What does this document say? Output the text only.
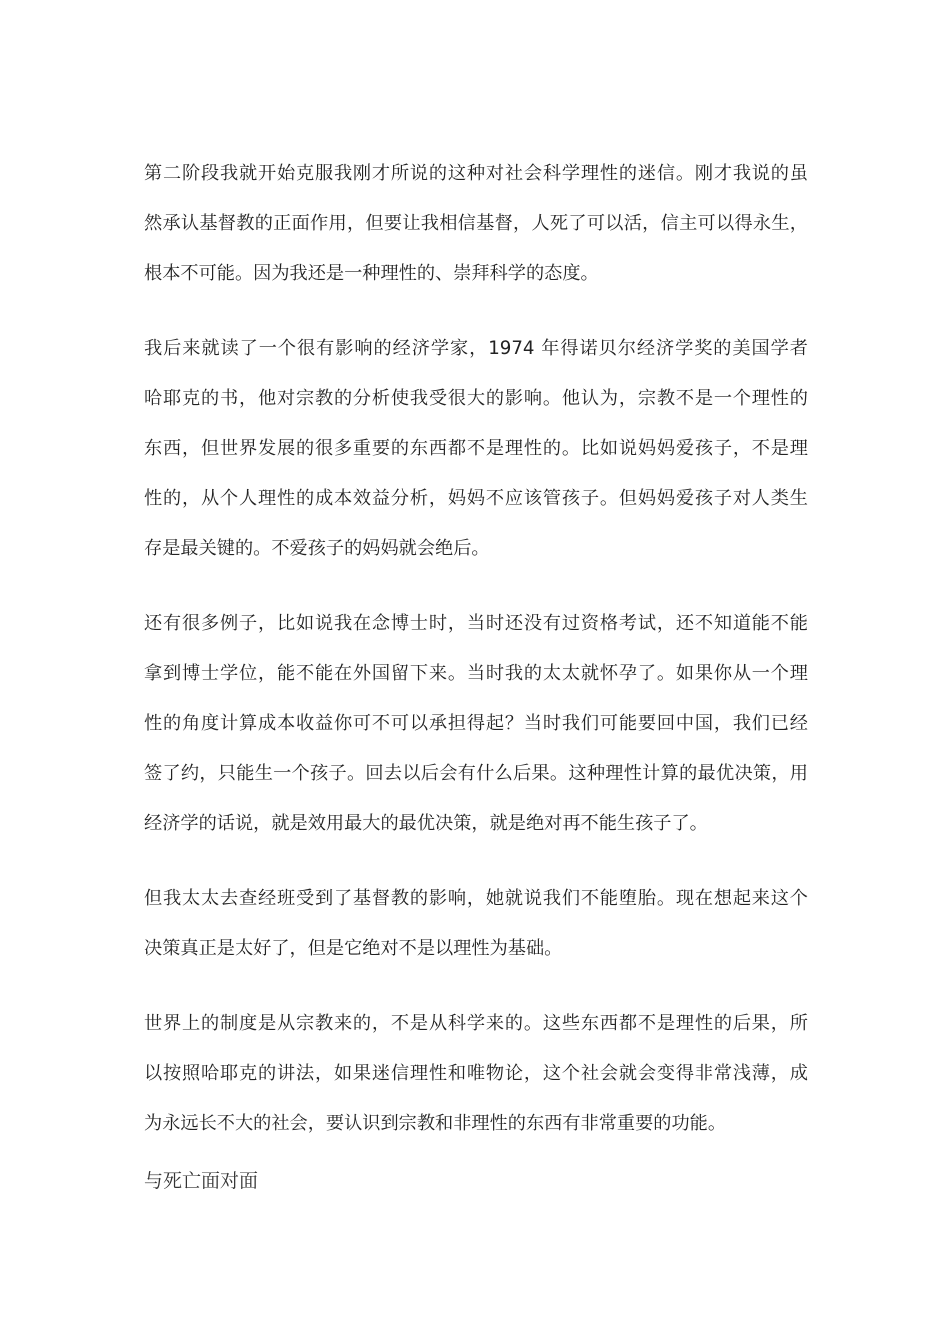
第二阶段我就开始克服我刚才所说的这种对社会科学理性的迷信。刚才我说的虽
然承认基督教的正面作用，但要让我相信基督，人死了可以活，信主可以得永生，
根本不可能。因为我还是一种理性的、崇拜科学的态度。
我后来就读了一个很有影响的经济学家，1974 年得诺贝尔经济学奖的美国学者
哈耶克的书，他对宗教的分析使我受很大的影响。他认为，宗教不是一个理性的
东西，但世界发展的很多重要的东西都不是理性的。比如说妈妈爱孩子，不是理
性的，从个人理性的成本效益分析，妈妈不应该管孩子。但妈妈爱孩子对人类生
存是最关键的。不爱孩子的妈妈就会绝后。
还有很多例子，比如说我在念博士时，当时还没有过资格考试，还不知道能不能
拿到博士学位，能不能在外国留下来。当时我的太太就怀孕了。如果你从一个理
性的角度计算成本收益你可不可以承担得起？当时我们可能要回中国，我们已经
签了约，只能生一个孩子。回去以后会有什么后果。这种理性计算的最优决策，用
经济学的话说，就是效用最大的最优决策，就是绝对再不能生孩子了。
但我太太去查经班受到了基督教的影响，她就说我们不能堕胎。现在想起来这个
决策真正是太好了，但是它绝对不是以理性为基础。
世界上的制度是从宗教来的，不是从科学来的。这些东西都不是理性的后果，所
以按照哈耶克的讲法，如果迷信理性和唯物论，这个社会就会变得非常浅薄，成
为永远长不大的社会，要认识到宗教和非理性的东西有非常重要的功能。
与死亡面对面
